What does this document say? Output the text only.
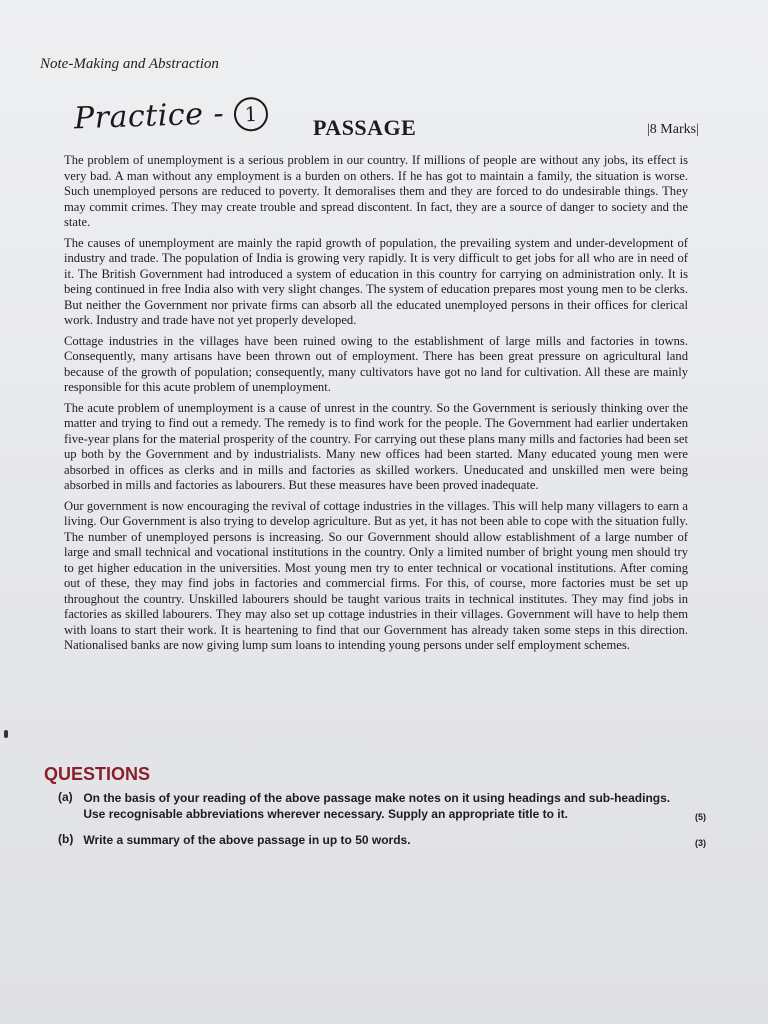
Note-Making and Abstraction
Practice - 1
PASSAGE	|8 Marks|

The problem of unemployment is a serious problem in our country. If millions of people are without any jobs, its effect is very bad. A man without any employment is a burden on others. If he has got to maintain a family, the situation is worse. Such unemployed persons are reduced to poverty. It demoralises them and they are forced to do undesirable things. They may commit crimes. They may create trouble and spread discontent. In fact, they are a source of danger to society and the state.

The causes of unemployment are mainly the rapid growth of population, the prevailing system and under-development of industry and trade. The population of India is growing very rapidly. It is very difficult to get jobs for all who are in need of it. The British Government had introduced a system of education in this country for carrying on administration only. It is being continued in free India also with very slight changes. The system of education prepares most young men to be clerks. But neither the Government nor private firms can absorb all the educated unemployed persons in their offices for clerical work. Industry and trade have not yet properly developed.

Cottage industries in the villages have been ruined owing to the establishment of large mills and factories in towns. Consequently, many artisans have been thrown out of employment. There has been great pressure on agricultural land because of the growth of population; consequently, many cultivators have got no land for cultivation. All these are mainly responsible for this acute problem of unemployment.

The acute problem of unemployment is a cause of unrest in the country. So the Government is seriously thinking over the matter and trying to find out a remedy. The remedy is to find work for the people. The Government had earlier undertaken five-year plans for the material prosperity of the country. For carrying out these plans many mills and factories had been set up both by the Government and by industrialists. Many new offices had been started. Many educated young men were absorbed in offices as clerks and in mills and factories as skilled workers. Uneducated and unskilled men were being absorbed in mills and factories as labourers. But these measures have been proved inadequate.

Our government is now encouraging the revival of cottage industries in the villages. This will help many villagers to earn a living. Our Government is also trying to develop agriculture. But as yet, it has not been able to cope with the situation fully. The number of unemployed persons is increasing. So our Government should allow establishment of a large number of large and small technical and vocational institutions in the country. Only a limited number of bright young men should try to get higher education in the universities. Most young men try to enter technical or vocational institutions. After coming out of these, they may find jobs in factories and commercial firms. For this, of course, more factories must be set up throughout the country. Unskilled labourers should be taught various traits in technical institutes. They may find jobs in factories as skilled labourers. They may also set up cottage industries in their villages. Government will have to help them with loans to start their work. It is heartening to find that our Government has already taken some steps in this direction. Nationalised banks are now giving lump sum loans to intending young persons under self employment schemes.

QUESTIONS
(a) On the basis of your reading of the above passage make notes on it using headings and sub-headings. Use recognisable abbreviations wherever necessary. Supply an appropriate title to it.	(5)
(b) Write a summary of the above passage in up to 50 words.	(3)
